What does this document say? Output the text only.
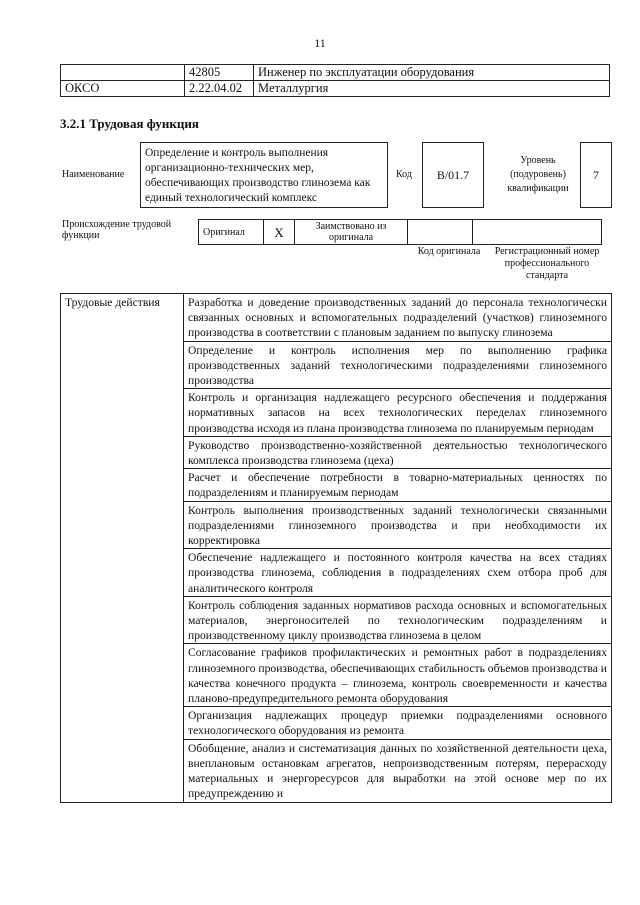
11
	42805	Инженер по эксплуатации оборудования
ОКСО	2.22.04.02	Металлургия
3.2.1 Трудовая функция
Наименование
Определение и контроль выполнения организационно-технических мер, обеспечивающих производство глинозема как единый технологический комплекс
Код	B/01.7
Уровень (подуровень) квалификации
7
Происхождение трудовой функции	Оригинал	X	Заимствовано из оригинала		
Код оригинала	Регистрационный номер профессионального стандарта
Трудовые действия	Разработка и доведение производственных заданий до персонала технологически связанных основных и вспомогательных подразделений (участков) глиноземного производства в соответствии с плановым заданием по выпуску глинозема
Определение и контроль исполнения мер по выполнению графика производственных заданий технологическими подразделениями глиноземного производства
Контроль и организация надлежащего ресурсного обеспечения и поддержания нормативных запасов на всех технологических переделах глиноземного производства исходя из плана производства глинозема по планируемым периодам
Руководство производственно-хозяйственной деятельностью технологического комплекса производства глинозема (цеха)
Расчет и обеспечение потребности в товарно-материальных ценностях по подразделениям и планируемым периодам
Контроль выполнения производственных заданий технологически связанными подразделениями глиноземного производства и при необходимости их корректировка
Обеспечение надлежащего и постоянного контроля качества на всех стадиях производства глинозема, соблюдения в подразделениях схем отбора проб для аналитического контроля
Контроль соблюдения заданных нормативов расхода основных и вспомогательных материалов, энергоносителей по технологическим подразделениям и производственному циклу производства глинозема в целом
Согласование графиков профилактических и ремонтных работ в подразделениях глиноземного производства, обеспечивающих стабильность объемов производства и качества конечного продукта – глинозема, контроль своевременности и качества планово-предупредительного ремонта оборудования
Организация надлежащих процедур приемки подразделениями основного технологического оборудования из ремонта
Обобщение, анализ и систематизация данных по хозяйственной деятельности цеха, внеплановым остановкам агрегатов, непроизводственным потерям, перерасходу материальных и энергоресурсов для выработки на этой основе мер по их предупреждению и
